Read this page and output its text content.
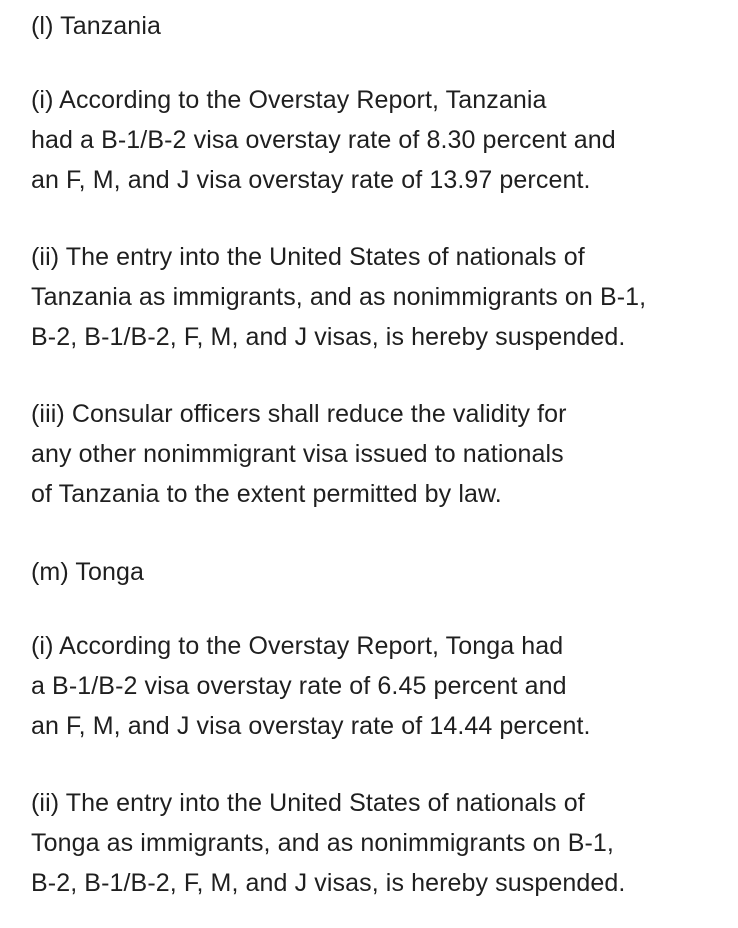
(l) Tanzania

(i) According to the Overstay Report, Tanzania
had a B-1/B-2 visa overstay rate of 8.30 percent and
an F, M, and J visa overstay rate of 13.97 percent.

(ii) The entry into the United States of nationals of
Tanzania as immigrants, and as nonimmigrants on B-1,
B-2, B-1/B-2, F, M, and J visas, is hereby suspended.

(iii) Consular officers shall reduce the validity for
any other nonimmigrant visa issued to nationals
of Tanzania to the extent permitted by law.

(m) Tonga

(i) According to the Overstay Report, Tonga had
a B-1/B-2 visa overstay rate of 6.45 percent and
an F, M, and J visa overstay rate of 14.44 percent.

(ii) The entry into the United States of nationals of
Tonga as immigrants, and as nonimmigrants on B-1,
B-2, B-1/B-2, F, M, and J visas, is hereby suspended.
